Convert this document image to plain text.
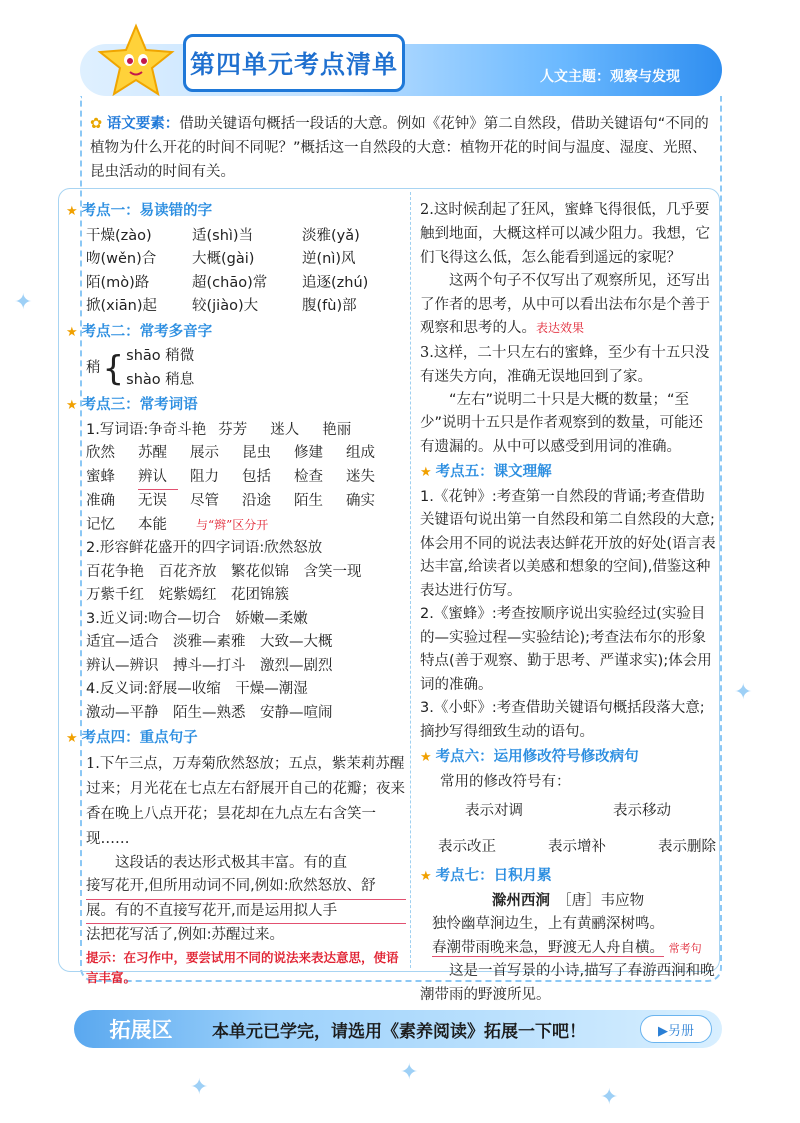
第四单元考点清单	人文主题：观察与发现
✿ 语文要素：借助关键语句概括一段话的大意。例如《花钟》第二自然段，借助关键语句“不同的植物为什么开花的时间不同呢？”概括这一自然段的大意：植物开花的时间与温度、湿度、光照、昆虫活动的时间有关。
★ 考点一：易读错的字
干燥(zào)	适(shì)当	淡雅(yǎ)
吻(wěn)合	大概(gài)	逆(nì)风
陌(mò)路	超(chāo)常	追逐(zhú)
掀(xiān)起	较(jiào)大	腹(fù)部
★ 考点二：常考多音字
稍 { shāo 稍微
shào 稍息
★ 考点三：常考词语
1.写词语: 争奇斗艳 芬芳	迷人	艳丽
欣然	苏醒	展示	昆虫	修建	组成
蜜蜂	辨认	阻力	包括	检查	迷失
准确	无误	尽管	沿途	陌生	确实
记忆	本能	与“辫”区分开
2.形容鲜花盛开的四字词语:欣然怒放
百花争艳　百花齐放　繁花似锦　含笑一现
万紫千红　姹紫嫣红　花团锦簇
3.近义词:吻合—切合　娇嫩—柔嫩
适宜—适合　淡雅—素雅　大致—大概
辨认—辨识　搏斗—打斗　激烈—剧烈
4.反义词:舒展—收缩　干燥—潮湿
激动—平静　陌生—熟悉　安静—喧闹
★ 考点四：重点句子
1.下午三点，万寿菊欣然怒放；五点，紫茉莉苏醒过来；月光花在七点左右舒展开自己的花瓣；夜来香在晚上八点开花；昙花却在九点左右含笑一现……
这段话的表达形式极其丰富。有的直
接写花开,但所用动词不同,例如:欣然怒放、舒
展。有的不直接写花开,而是运用拟人手
法把花写活了,例如:苏醒过来。
提示：在习作中，要尝试用不同的说法来表达意思，使语言丰富。
2.这时候刮起了狂风，蜜蜂飞得很低，几乎要触到地面，大概这样可以减少阻力。我想，它们飞得这么低，怎么能看到遥远的家呢？
这两个句子不仅写出了观察所见，还写出了作者的思考，从中可以看出法布尔是个善于观察和思考的人。表达效果
3.这样，二十只左右的蜜蜂，至少有十五只没有迷失方向，准确无误地回到了家。
“左右”说明二十只是大概的数量；“至少”说明十五只是作者观察到的数量，可能还有遗漏的。从中可以感受到用词的准确。
★ 考点五：课文理解
1.《花钟》:考查第一自然段的背诵;考查借助关键语句说出第一自然段和第二自然段的大意;体会用不同的说法表达鲜花开放的好处(语言表达丰富,给读者以美感和想象的空间),借鉴这种表达进行仿写。
2.《蜜蜂》:考查按顺序说出实验经过(实验目的—实验过程—实验结论);考查法布尔的形象特点(善于观察、勤于思考、严谨求实);体会用词的准确。
3.《小虾》:考查借助关键语句概括段落大意;摘抄写得细致生动的语句。
★ 考点六：运用修改符号修改病句
常用的修改符号有：
表示对调	表示移动
表示改正	表示增补	表示删除
★ 考点七：日积月累
滁州西涧　 ［唐］韦应物
独怜幽草涧边生，上有黄鹂深树鸣。
春潮带雨晚来急，野渡无人舟自横。 常考句
这是一首写景的小诗,描写了春游西涧和晚潮带雨的野渡所见。
拓展区 本单元已学完，请选用《素养阅读》拓展一下吧！	▶另册
✦
✦
✦
✦
✦
